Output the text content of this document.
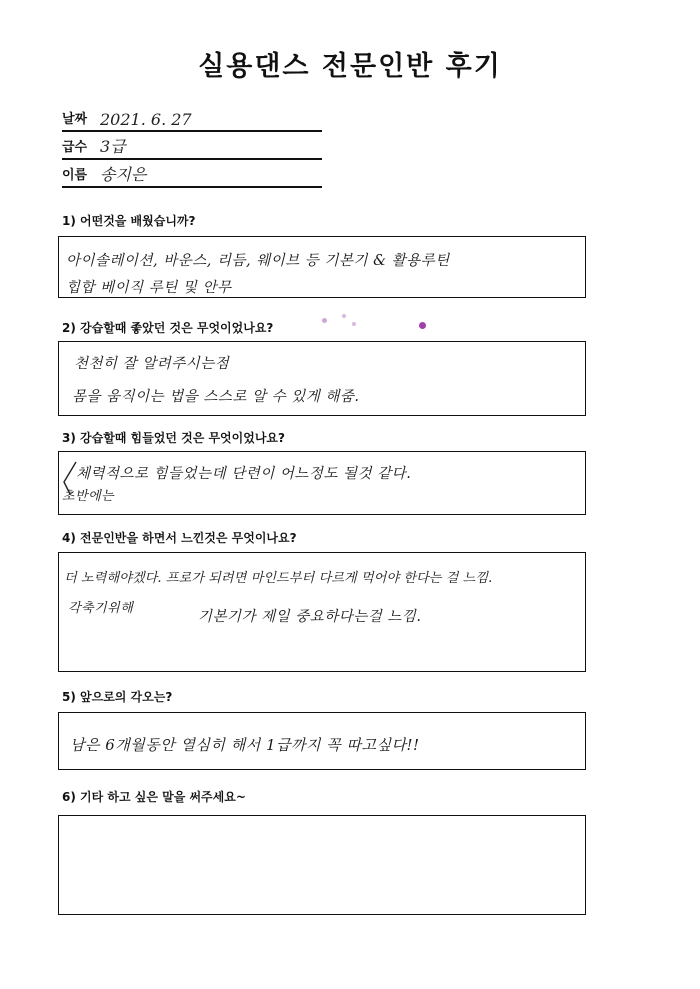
실용댄스 전문인반 후기
날짜 2021. 6. 27
급수 3급
이름 송지은
1) 어떤것을 배웠습니까?
아이솔레이션, 바운스, 리듬, 웨이브 등 기본기 & 활용루틴
힙합 베이직 루틴 및 안무
2) 강습할때 좋았던 것은 무엇이었나요?
천천히 잘 알려주시는점
몸을 움직이는 법을 스스로 알 수 있게 해줌.
3) 강습할때 힘들었던 것은 무엇이었나요?
체력적으로 힘들었는데 단련이 어느정도 될것 같다.
초반에는
4) 전문인반을 하면서 느낀것은 무엇이나요?
더 노력해야겠다. 프로가 되려면 마인드부터 다르게 먹어야 한다는 걸 느낌.
각축기위해
기본기가 제일 중요하다는걸 느낌.
5) 앞으로의 각오는?
남은 6개월동안 열심히 해서 1급까지 꼭 따고싶다!!
6) 기타 하고 싶은 말을 써주세요~
